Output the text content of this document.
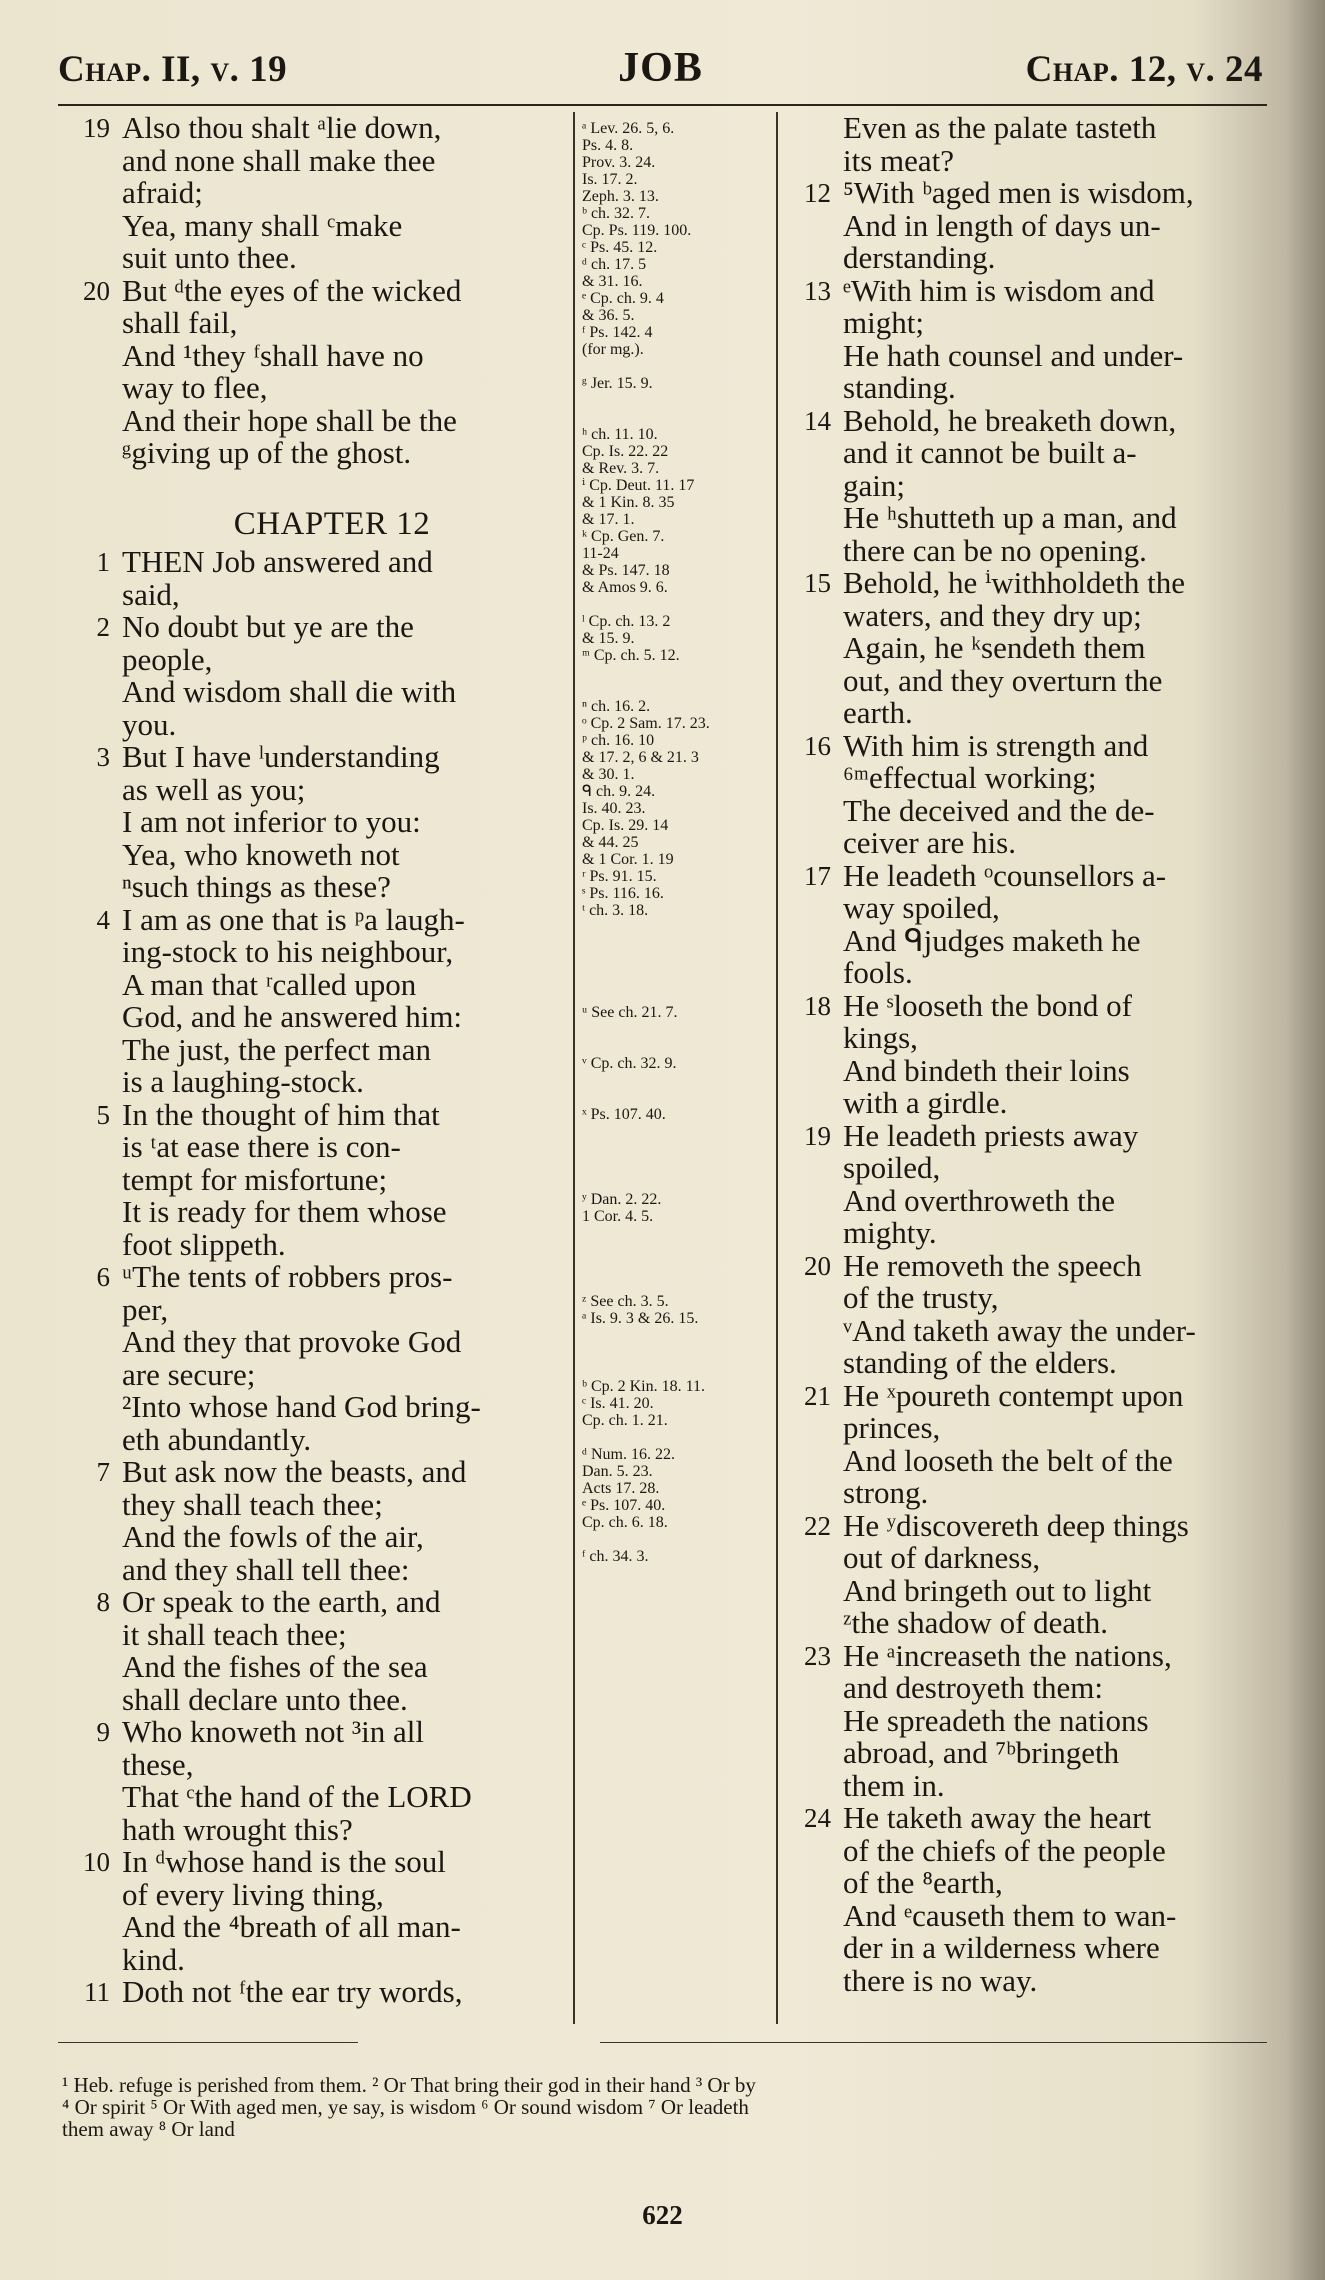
Chap. II, v. 19	JOB	Chap. 12, v. 24
19 Also thou shalt ᵃlie down,
and none shall make thee
afraid;
Yea, many shall ᶜmake
suit unto thee.
20 But ᵈthe eyes of the wicked
shall fail,
And ¹they ᶠshall have no
way to flee,
And their hope shall be the
ᵍgiving up of the ghost.
CHAPTER 12
1 THEN Job answered and
said,
2 No doubt but ye are the
people,
And wisdom shall die with
you.
3 But I have ˡunderstanding
as well as you;
I am not inferior to you:
Yea, who knoweth not
ⁿsuch things as these?
4 I am as one that is ᵖa laugh-
ing-stock to his neighbour,
A man that ʳcalled upon
God, and he answered him:
The just, the perfect man
is a laughing-stock.
5 In the thought of him that
is ᵗat ease there is con-
tempt for misfortune;
It is ready for them whose
foot slippeth.
6 ᵘThe tents of robbers pros-
per,
And they that provoke God
are secure;
²Into whose hand God bring-
eth abundantly.
7 But ask now the beasts, and
they shall teach thee;
And the fowls of the air,
and they shall tell thee:
8 Or speak to the earth, and
it shall teach thee;
And the fishes of the sea
shall declare unto thee.
9 Who knoweth not ³in all
these,
That ᶜthe hand of the LORD
hath wrought this?
10 In ᵈwhose hand is the soul
of every living thing,
And the ⁴breath of all man-
kind.
11 Doth not ᶠthe ear try words,
ᵃ Lev. 26. 5, 6.
Ps. 4. 8.
Prov. 3. 24.
Is. 17. 2.
Zeph. 3. 13.
ᵇ ch. 32. 7.
Cp. Ps. 119. 100.
ᶜ Ps. 45. 12.
ᵈ ch. 17. 5
& 31. 16.
ᵉ Cp. ch. 9. 4
& 36. 5.
ᶠ Ps. 142. 4
(for mg.).

ᵍ Jer. 15. 9.

ʰ ch. 11. 10.
Cp. Is. 22. 22
& Rev. 3. 7.
ⁱ Cp. Deut. 11. 17
& 1 Kin. 8. 35
& 17. 1.
ᵏ Cp. Gen. 7.
11-24
& Ps. 147. 18
& Amos 9. 6.

ˡ Cp. ch. 13. 2
& 15. 9.
ᵐ Cp. ch. 5. 12.

ⁿ ch. 16. 2.
ᵒ Cp. 2 Sam. 17. 23.
ᵖ ch. 16. 10
& 17. 2, 6 & 21. 3
& 30. 1.
ᑫ ch. 9. 24.
Is. 40. 23.
Cp. Is. 29. 14
& 44. 25
& 1 Cor. 1. 19
ʳ Ps. 91. 15.
ˢ Ps. 116. 16.
ᵗ ch. 3. 18.

ᵘ See ch. 21. 7.

ᵛ Cp. ch. 32. 9.

ˣ Ps. 107. 40.

ʸ Dan. 2. 22.
1 Cor. 4. 5.

ᶻ See ch. 3. 5.
ᵃ Is. 9. 3 & 26. 15.

ᵇ Cp. 2 Kin. 18. 11.
ᶜ Is. 41. 20.
Cp. ch. 1. 21.

ᵈ Num. 16. 22.
Dan. 5. 23.
Acts 17. 28.
ᵉ Ps. 107. 40.
Cp. ch. 6. 18.

ᶠ ch. 34. 3.
Even as the palate tasteth
its meat?
12 ⁵With ᵇaged men is wisdom,
And in length of days un-
derstanding.
13 ᵉWith him is wisdom and
might;
He hath counsel and under-
standing.
14 Behold, he breaketh down,
and it cannot be built a-
gain;
He ʰshutteth up a man, and
there can be no opening.
15 Behold, he ⁱwithholdeth the
waters, and they dry up;
Again, he ᵏsendeth them
out, and they overturn the
earth.
16 With him is strength and
⁶ᵐeffectual working;
The deceived and the de-
ceiver are his.
17 He leadeth ᵒcounsellors a-
way spoiled,
And ᑫjudges maketh he
fools.
18 He ˢlooseth the bond of
kings,
And bindeth their loins
with a girdle.
19 He leadeth priests away
spoiled,
And overthroweth the
mighty.
20 He removeth the speech
of the trusty,
ᵛAnd taketh away the under-
standing of the elders.
21 He ˣpoureth contempt upon
princes,
And looseth the belt of the
strong.
22 He ʸdiscovereth deep things
out of darkness,
And bringeth out to light
ᶻthe shadow of death.
23 He ᵃincreaseth the nations,
and destroyeth them:
He spreadeth the nations
abroad, and ⁷ᵇbringeth
them in.
24 He taketh away the heart
of the chiefs of the people
of the ⁸earth,
And ᵉcauseth them to wan-
der in a wilderness where
there is no way.
¹ Heb. refuge is perished from them. ² Or That bring their god in their hand ³ Or by
⁴ Or spirit ⁵ Or With aged men, ye say, is wisdom ⁶ Or sound wisdom ⁷ Or leadeth
them away ⁸ Or land
622
